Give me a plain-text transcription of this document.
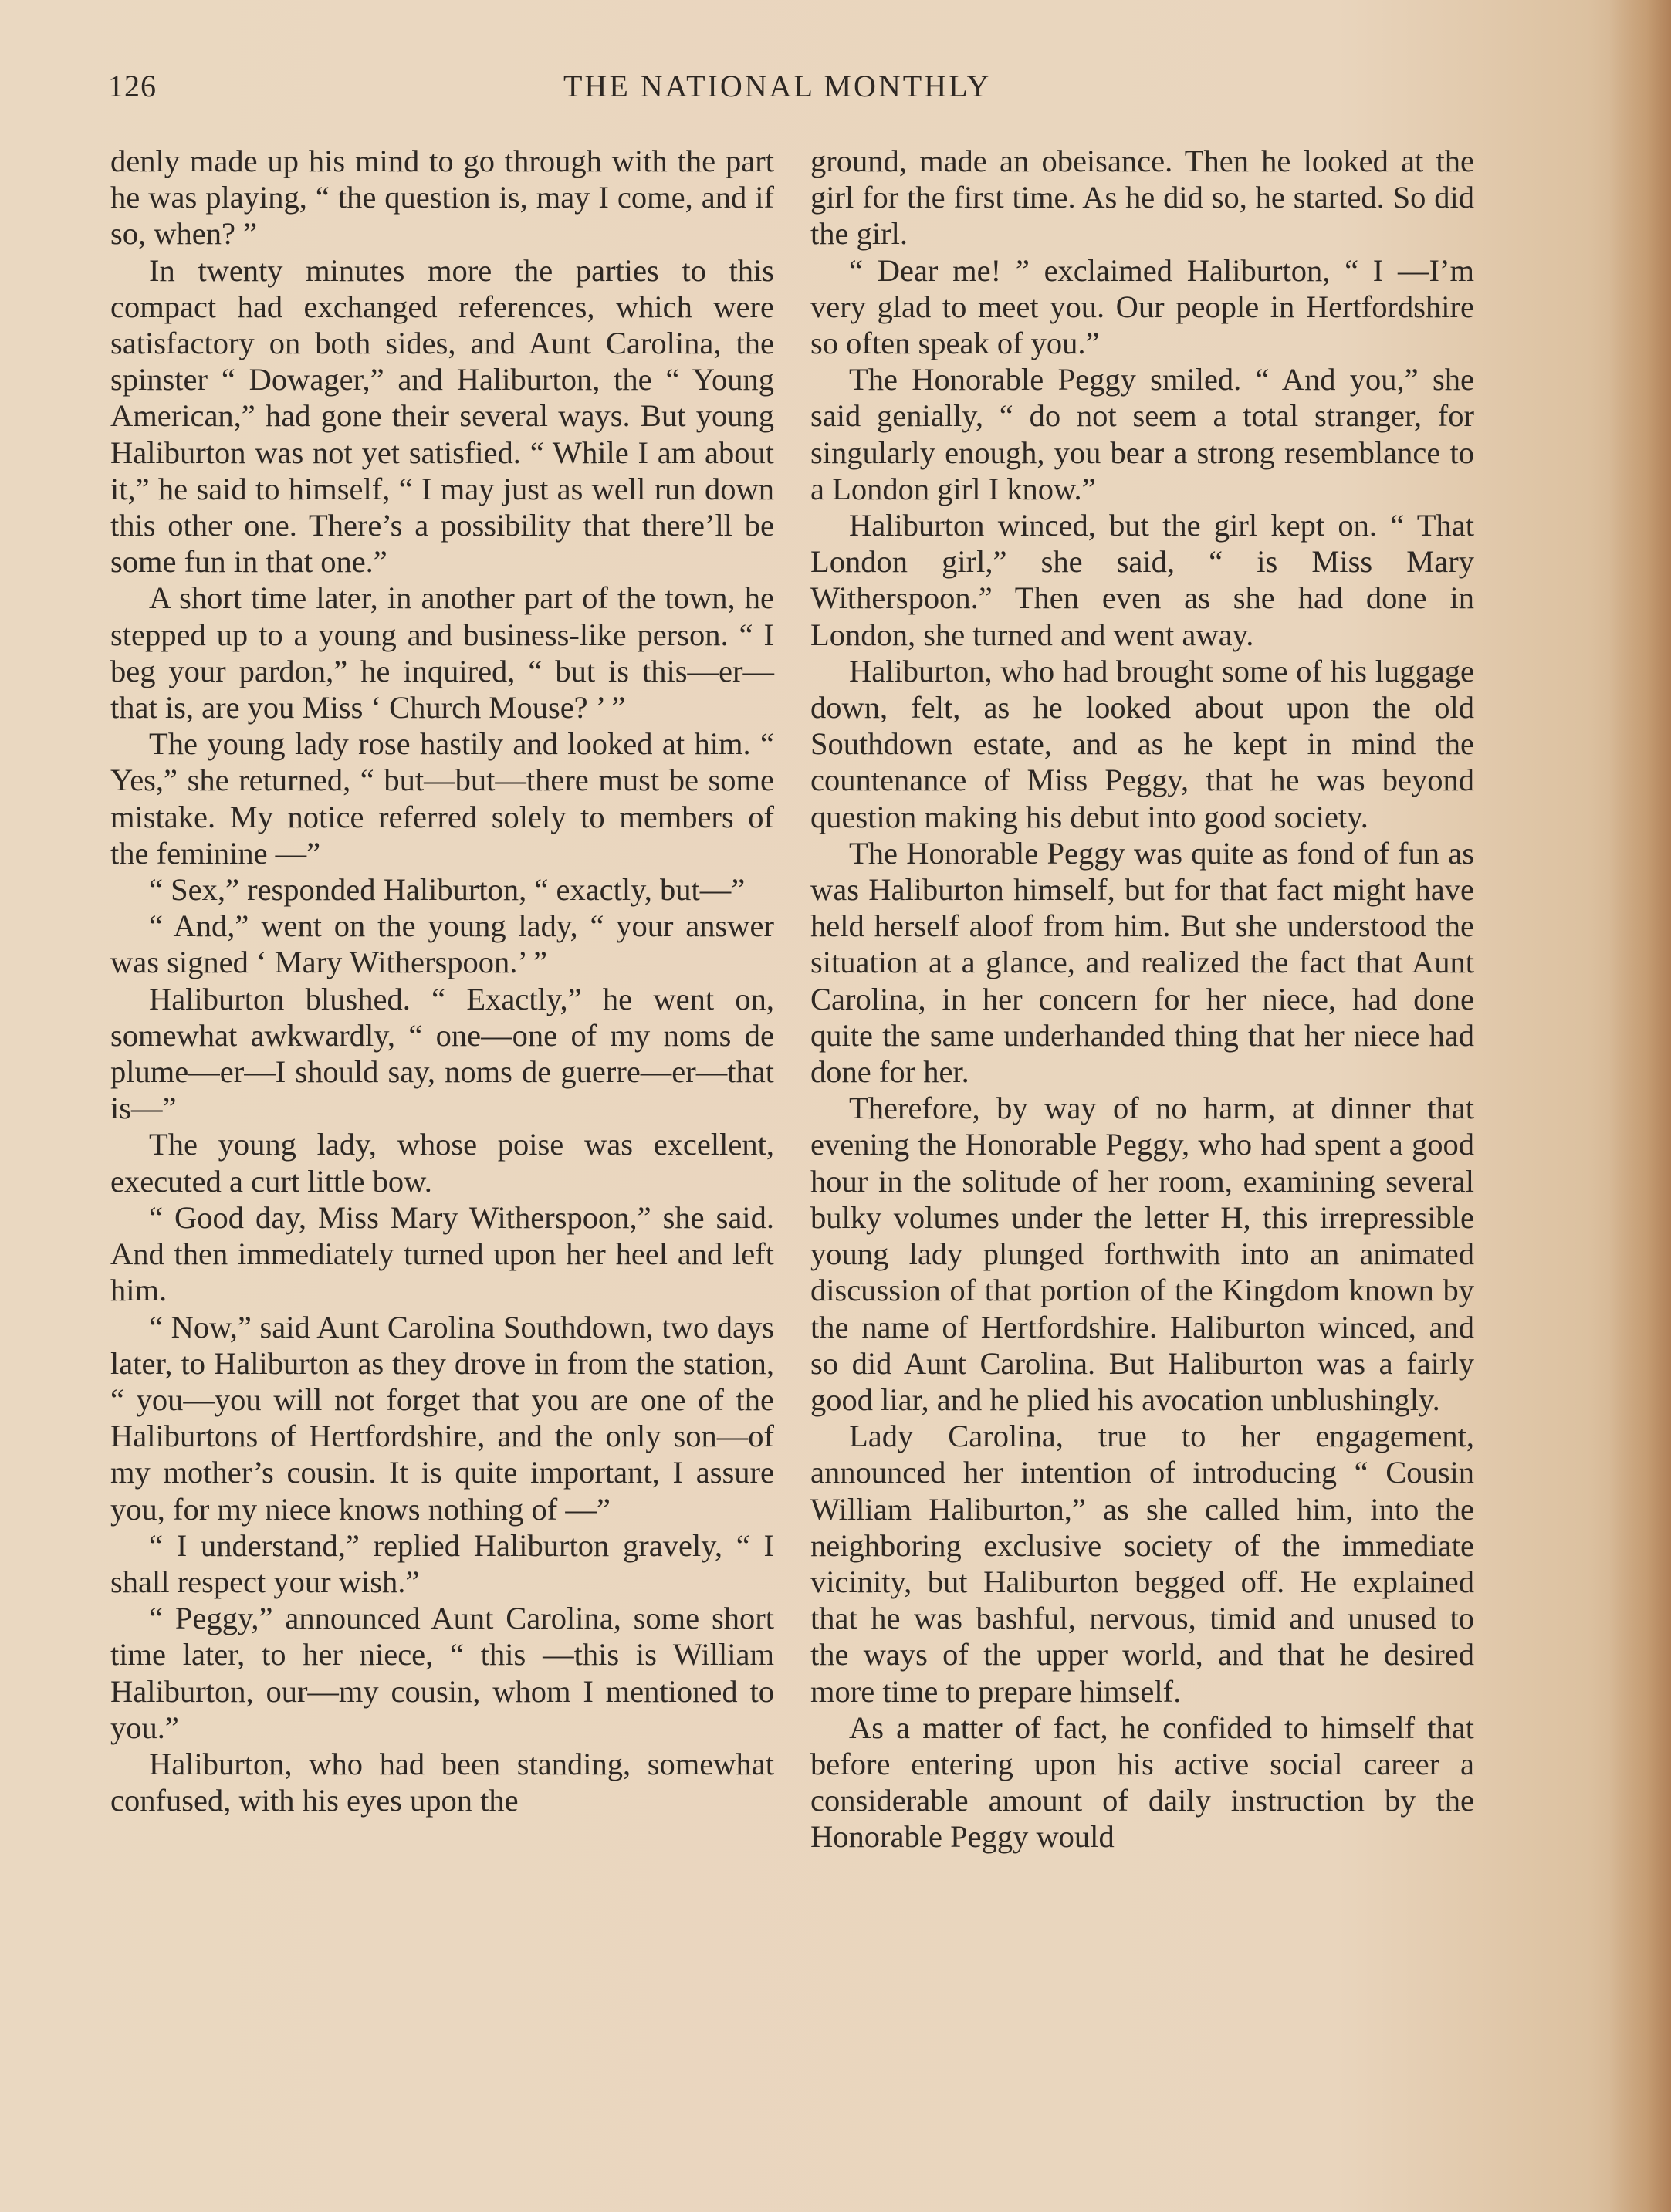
126	THE NATIONAL MONTHLY

denly made up his mind to go through with the part he was playing, “ the question is, may I come, and if so, when? ”

In twenty minutes more the parties to this compact had exchanged references, which were satisfactory on both sides, and Aunt Carolina, the spinster “ Dowager,” and Haliburton, the “ Young American,” had gone their several ways. But young Haliburton was not yet satisfied. “ While I am about it,” he said to himself, “ I may just as well run down this other one. There’s a possibility that there’ll be some fun in that one.”

A short time later, in another part of the town, he stepped up to a young and business-like person. “ I beg your pardon,” he inquired, “ but is this—er—that is, are you Miss ‘ Church Mouse? ’ ”

The young lady rose hastily and looked at him. “ Yes,” she returned, “ but—but—there must be some mistake. My notice referred solely to members of the feminine —”

“ Sex,” responded Haliburton, “ exactly, but—”

“ And,” went on the young lady, “ your answer was signed ‘ Mary Witherspoon.’ ”

Haliburton blushed. “ Exactly,” he went on, somewhat awkwardly, “ one—one of my noms de plume—er—I should say, noms de guerre—er—that is—”

The young lady, whose poise was excellent, executed a curt little bow.

“ Good day, Miss Mary Witherspoon,” she said. And then immediately turned upon her heel and left him.

“ Now,” said Aunt Carolina Southdown, two days later, to Haliburton as they drove in from the station, “ you—you will not forget that you are one of the Haliburtons of Hertfordshire, and the only son—of my mother’s cousin. It is quite important, I assure you, for my niece knows nothing of —”

“ I understand,” replied Haliburton gravely, “ I shall respect your wish.”

“ Peggy,” announced Aunt Carolina, some short time later, to her niece, “ this —this is William Haliburton, our—my cousin, whom I mentioned to you.”

Haliburton, who had been standing, somewhat confused, with his eyes upon the

ground, made an obeisance. Then he looked at the girl for the first time. As he did so, he started. So did the girl.

“ Dear me! ” exclaimed Haliburton, “ I —I’m very glad to meet you. Our people in Hertfordshire so often speak of you.”

The Honorable Peggy smiled. “ And you,” she said genially, “ do not seem a total stranger, for singularly enough, you bear a strong resemblance to a London girl I know.”

Haliburton winced, but the girl kept on. “ That London girl,” she said, “ is Miss Mary Witherspoon.” Then even as she had done in London, she turned and went away.

Haliburton, who had brought some of his luggage down, felt, as he looked about upon the old Southdown estate, and as he kept in mind the countenance of Miss Peggy, that he was beyond question making his debut into good society.

The Honorable Peggy was quite as fond of fun as was Haliburton himself, but for that fact might have held herself aloof from him. But she understood the situation at a glance, and realized the fact that Aunt Carolina, in her concern for her niece, had done quite the same underhanded thing that her niece had done for her.

Therefore, by way of no harm, at dinner that evening the Honorable Peggy, who had spent a good hour in the solitude of her room, examining several bulky volumes under the letter H, this irrepressible young lady plunged forthwith into an animated discussion of that portion of the Kingdom known by the name of Hertfordshire. Haliburton winced, and so did Aunt Carolina. But Haliburton was a fairly good liar, and he plied his avocation unblushingly.

Lady Carolina, true to her engagement, announced her intention of introducing “ Cousin William Haliburton,” as she called him, into the neighboring exclusive society of the immediate vicinity, but Haliburton begged off. He explained that he was bashful, nervous, timid and unused to the ways of the upper world, and that he desired more time to prepare himself.

As a matter of fact, he confided to himself that before entering upon his active social career a considerable amount of daily instruction by the Honorable Peggy would
